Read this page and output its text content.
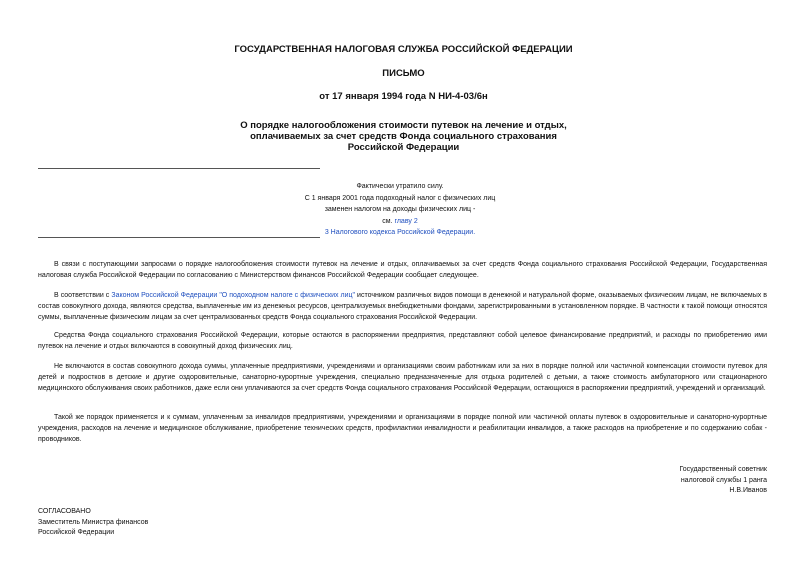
ГОСУДАРСТВЕННАЯ НАЛОГОВАЯ СЛУЖБА РОССИЙСКОЙ ФЕДЕРАЦИИ
ПИСЬМО
от 17 января 1994 года N НИ-4-03/6н
О порядке налогообложения стоимости путевок на лечение и отдых,
оплачиваемых за счет средств Фонда социального страхования
Российской Федерации
Фактически утратило силу.
С 1 января 2001 года подоходный налог с физических лиц
заменен налогом на доходы физических лиц -
см. главу 2
3 Налогового кодекса Российской Федерации.

В связи с поступающими запросами о порядке налогообложения стоимости путевок на лечение и отдых, оплачиваемых за счет средств Фонда социального страхования Российской Федерации, Государственная налоговая служба Российской Федерации по согласованию с Министерством финансов Российской Федерации сообщает следующее.

В соответствии с Законом Российской Федерации "О подоходном налоге с физических лиц" источником различных видов помощи в денежной и натуральной форме, оказываемых физическим лицам, не включаемых в состав совокупного дохода, являются средства, выплаченные им из денежных ресурсов, централизуемых внебюджетными фондами, зарегистрированными в установленном порядке. В частности к такой помощи относятся суммы, выплаченные физическим лицам за счет централизованных средств Фонда социального страхования Российской Федерации.

Средства Фонда социального страхования Российской Федерации, которые остаются в распоряжении предприятия, представляют собой целевое финансирование предприятий, и расходы по приобретению ими путевок на лечение и отдых включаются в совокупный доход физических лиц.

Не включаются в состав совокупного дохода суммы, уплаченные предприятиями, учреждениями и организациями своим работникам или за них в порядке полной или частичной компенсации стоимости путевок для детей и подростков в детские и другие оздоровительные, санаторно-курортные учреждения, специально предназначенные для отдыха родителей с детьми, а также стоимость амбулаторного или стационарного медицинского обслуживания своих работников, даже если они уплачиваются за счет средств Фонда социального страхования Российской Федерации, остающихся в распоряжении предприятий, учреждений и организаций.

Такой же порядок применяется и к суммам, уплаченным за инвалидов предприятиями, учреждениями и организациями в порядке полной или частичной оплаты путевок в оздоровительные и санаторно-курортные учреждения, расходов на лечение и медицинское обслуживание, приобретение технических средств, профилактики инвалидности и реабилитации инвалидов, а также расходов на приобретение и по содержанию собак - проводников.

Государственный советник
налоговой службы 1 ранга
Н.В.Иванов
СОГЛАСОВАНО
Заместитель Министра финансов
Российской Федерации
